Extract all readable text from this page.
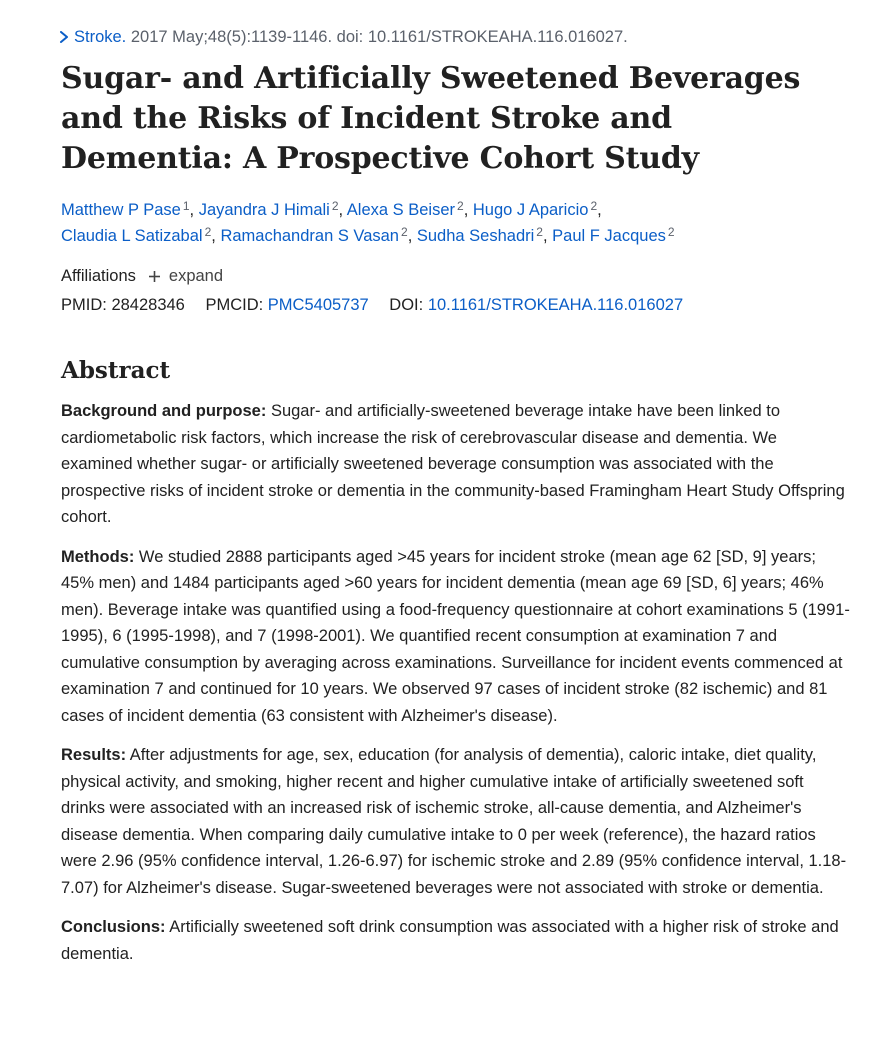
Stroke. 2017 May;48(5):1139-1146. doi: 10.1161/STROKEAHA.116.016027.
Sugar- and Artificially Sweetened Beverages and the Risks of Incident Stroke and Dementia: A Prospective Cohort Study
Matthew P Pase $^1$, Jayandra J Himali $^2$, Alexa S Beiser $^2$, Hugo J Aparicio $^2$,
Claudia L Satizabal $^2$, Ramachandran S Vasan $^2$, Sudha Seshadri $^2$, Paul F Jacques $^2$
Affiliations expand
PMID: 28428346 PMCID: PMC5405737 DOI: 10.1161/STROKEAHA.116.016027
Abstract

Background and purpose: Sugar- and artificially-sweetened beverage intake have been linked to cardiometabolic risk factors, which increase the risk of cerebrovascular disease and dementia. We examined whether sugar- or artificially sweetened beverage consumption was associated with the prospective risks of incident stroke or dementia in the community-based Framingham Heart Study Offspring cohort.

Methods: We studied 2888 participants aged >45 years for incident stroke (mean age 62 [SD, 9] years; 45% men) and 1484 participants aged >60 years for incident dementia (mean age 69 [SD, 6] years; 46% men). Beverage intake was quantified using a food-frequency questionnaire at cohort examinations 5 (1991-1995), 6 (1995-1998), and 7 (1998-2001). We quantified recent consumption at examination 7 and cumulative consumption by averaging across examinations. Surveillance for incident events commenced at examination 7 and continued for 10 years. We observed 97 cases of incident stroke (82 ischemic) and 81 cases of incident dementia (63 consistent with Alzheimer's disease).

Results: After adjustments for age, sex, education (for analysis of dementia), caloric intake, diet quality, physical activity, and smoking, higher recent and higher cumulative intake of artificially sweetened soft drinks were associated with an increased risk of ischemic stroke, all-cause dementia, and Alzheimer's disease dementia. When comparing daily cumulative intake to 0 per week (reference), the hazard ratios were 2.96 (95% confidence interval, 1.26-6.97) for ischemic stroke and 2.89 (95% confidence interval, 1.18-7.07) for Alzheimer's disease. Sugar-sweetened beverages were not associated with stroke or dementia.

Conclusions: Artificially sweetened soft drink consumption was associated with a higher risk of stroke and dementia.
